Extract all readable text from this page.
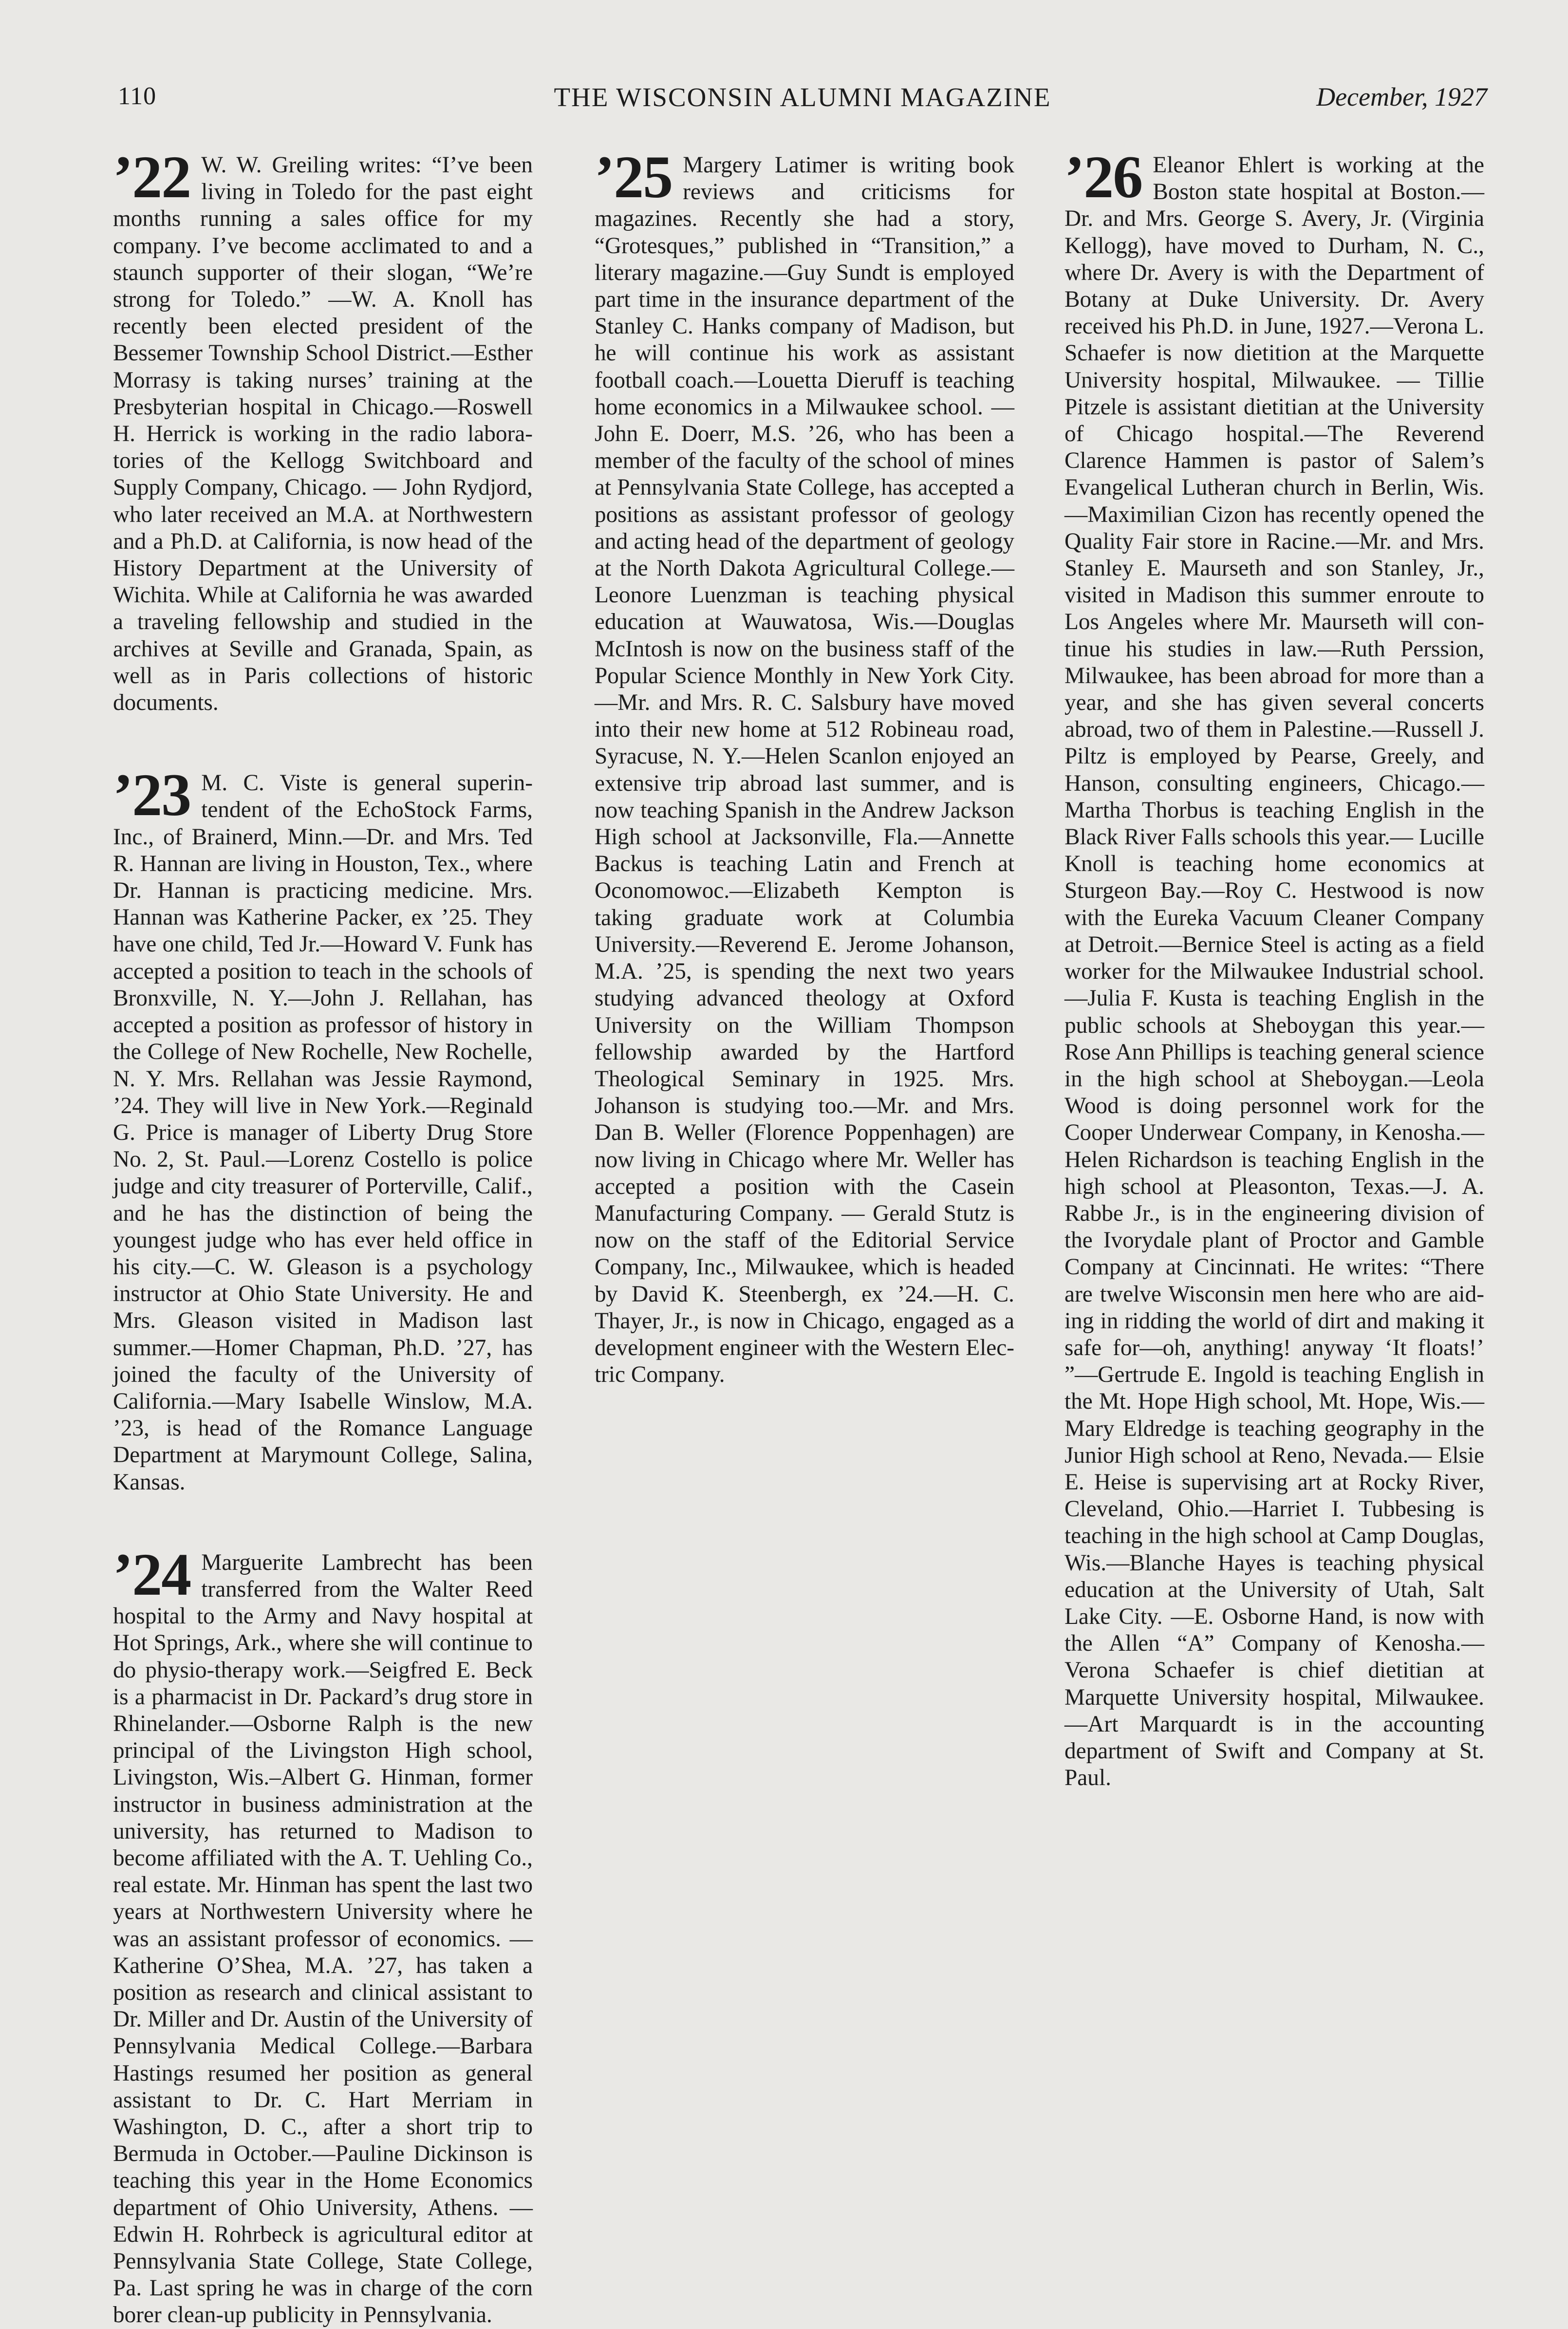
110	THE WISCONSIN ALUMNI MAGAZINE	December, 1927
’22 W. W. Greiling writes: “I’ve been living in Toledo for the past eight months running a sales office for my company. I’ve become acclimated to and a staunch supporter of their slogan, “We’re strong for Toledo.” —W. A. Knoll has recently been elected president of the Bessemer Township School District.—Esther Morrasy is taking nurses’ training at the Presbyterian hospital in Chicago.—Roswell H. Herrick is working in the radio laboratories of the Kellogg Switchboard and Supply Company, Chicago. — John Rydjord, who later received an M.A. at Northwestern and a Ph.D. at California, is now head of the History Department at the University of Wichita. While at California he was awarded a traveling fellowship and studied in the archives at Seville and Granada, Spain, as well as in Paris collections of historic documents.

’23 M. C. Viste is general superintendent of the EchoStock Farms, Inc., of Brainerd, Minn.—Dr. and Mrs. Ted R. Hannan are living in Houston, Tex., where Dr. Hannan is practicing medicine. Mrs. Hannan was Katherine Packer, ex ’25. They have one child, Ted Jr.—Howard V. Funk has accepted a position to teach in the schools of Bronxville, N. Y.—John J. Rellahan, has accepted a position as professor of history in the College of New Rochelle, New Rochelle, N. Y. Mrs. Rellahan was Jessie Raymond, ’24. They will live in New York.—Reginald G. Price is manager of Liberty Drug Store No. 2, St. Paul.—Lorenz Costello is police judge and city treasurer of Porterville, Calif., and he has the distinction of being the youngest judge who has ever held office in his city.—C. W. Gleason is a psychology instructor at Ohio State University. He and Mrs. Gleason visited in Madison last summer.—Homer Chapman, Ph.D. ’27, has joined the faculty of the University of California.—Mary Isabelle Winslow, M.A. ’23, is head of the Romance Language Department at Marymount College, Salina, Kansas.

’24 Marguerite Lambrecht has been transferred from the Walter Reed hospital to the Army and Navy hospital at Hot Springs, Ark., where she will continue to do physio-therapy work.—Seigfred E. Beck is a pharmacist in Dr. Packard’s drug store in Rhinelander.—Osborne Ralph is the new principal of the Livingston High school, Livingston, Wis.–Albert G. Hinman, former instructor in business administration at the university, has returned to Madison to become affiliated with the A. T. Uehling Co., real estate. Mr. Hinman has spent the last two years at Northwestern University where he was an assistant professor of economics. —Katherine O’Shea, M.A. ’27, has taken a position as research and clinical assistant to Dr. Miller and Dr. Austin of the University of Pennsylvania Medical College.—Barbara Hastings resumed her position as general assistant to Dr. C. Hart Merriam in Washington, D. C., after a short trip to Bermuda in October.—Pauline Dickinson is teaching this year in the Home Economics department of Ohio University, Athens. —Edwin H. Rohrbeck is agricultural editor at Pennsylvania State College, State College, Pa. Last spring he was in charge of the corn borer clean-up publicity in Pennsylvania.

’25 Margery Latimer is writing book reviews and criticisms for magazines. Recently she had a story, “Grotesques,” published in “Transition,” a literary magazine.—Guy Sundt is employed part time in the insurance department of the Stanley C. Hanks company of Madison, but he will continue his work as assistant football coach.—Louetta Dieruff is teaching home economics in a Milwaukee school. —John E. Doerr, M.S. ’26, who has been a member of the faculty of the school of mines at Pennsylvania State College, has accepted a positions as assistant professor of geology and acting head of the department of geology at the North Dakota Agricultural College.— Leonore Luenzman is teaching physical education at Wauwatosa, Wis.—Douglas McIntosh is now on the business staff of the Popular Science Monthly in New York City.—Mr. and Mrs. R. C. Salsbury have moved into their new home at 512 Robineau road, Syracuse, N. Y.—Helen Scanlon enjoyed an extensive trip abroad last summer, and is now teaching Spanish in the Andrew Jackson High school at Jacksonville, Fla.—Annette Backus is teaching Latin and French at Oconomowoc.—Elizabeth Kempton is taking graduate work at Columbia University.—Reverend E. Jerome Johanson, M.A. ’25, is spending the next two years studying advanced theology at Oxford University on the William Thompson fellowship awarded by the Hartford Theological Seminary in 1925. Mrs. Johanson is studying too.—Mr. and Mrs. Dan B. Weller (Florence Poppenhagen) are now living in Chicago where Mr. Weller has accepted a position with the Casein Manufacturing Company. — Gerald Stutz is now on the staff of the Editorial Service Company, Inc., Milwaukee, which is headed by David K. Steenbergh, ex ’24.—H. C. Thayer, Jr., is now in Chicago, engaged as a development engineer with the Western Electric Company.

’26 Eleanor Ehlert is working at the Boston state hospital at Boston.—Dr. and Mrs. George S. Avery, Jr. (Virginia Kellogg), have moved to Durham, N. C., where Dr. Avery is with the Department of Botany at Duke University. Dr. Avery received his Ph.D. in June, 1927.—Verona L. Schaefer is now dietition at the Marquette University hospital, Milwaukee. — Tillie Pitzele is assistant dietitian at the University of Chicago hospital.—The Reverend Clarence Hammen is pastor of Salem’s Evangelical Lutheran church in Berlin, Wis.—Maximilian Cizon has recently opened the Quality Fair store in Racine.—Mr. and Mrs. Stanley E. Maurseth and son Stanley, Jr., visited in Madison this summer enroute to Los Angeles where Mr. Maurseth will continue his studies in law.—Ruth Perssion, Milwaukee, has been abroad for more than a year, and she has given several concerts abroad, two of them in Palestine.—Russell J. Piltz is employed by Pearse, Greely, and Hanson, consulting engineers, Chicago.—Martha Thorbus is teaching English in the Black River Falls schools this year.— Lucille Knoll is teaching home economics at Sturgeon Bay.—Roy C. Hestwood is now with the Eureka Vacuum Cleaner Company at Detroit.—Bernice Steel is acting as a field worker for the Milwaukee Industrial school.—Julia F. Kusta is teaching English in the public schools at Sheboygan this year.—Rose Ann Phillips is teaching general science in the high school at Sheboygan.—Leola Wood is doing personnel work for the Cooper Underwear Company, in Kenosha.—Helen Richardson is teaching English in the high school at Pleasonton, Texas.—J. A. Rabbe Jr., is in the engineering division of the Ivorydale plant of Proctor and Gamble Company at Cincinnati. He writes: “There are twelve Wisconsin men here who are aiding in ridding the world of dirt and making it safe for—oh, anything! anyway ‘It floats!’ ”—Gertrude E. Ingold is teaching English in the Mt. Hope High school, Mt. Hope, Wis.—Mary Eldredge is teaching geography in the Junior High school at Reno, Nevada.— Elsie E. Heise is supervising art at Rocky River, Cleveland, Ohio.—Harriet I. Tubbesing is teaching in the high school at Camp Douglas, Wis.—Blanche Hayes is teaching physical education at the University of Utah, Salt Lake City. —E. Osborne Hand, is now with the Allen “A” Company of Kenosha.— Verona Schaefer is chief dietitian at Marquette University hospital, Milwaukee.—Art Marquardt is in the accounting department of Swift and Company at St. Paul.
